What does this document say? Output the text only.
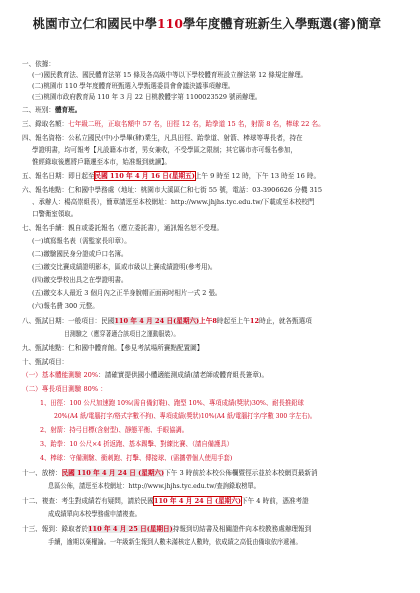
桃園市立仁和國民中學110學年度體育班新生入學甄選(審)簡章
一、依據：
(一)國民教育法、國民體育法第 15 條及各高級中等以下學校體育班設立辦法第 12 條規定辦理。
(二)桃園市 110 學年度體育班甄選入學甄選委員會會議決議事項辦理。
(三)桃園市政府教育局 110 年 3 月 22 日桃教體字第 1100023529 號函辦理。
二、班別：體育班。
三、錄取名額：七年級二班，正取名額中 57 名，田徑 12 名，跆拳道 15 名，射箭 8 名，棒球 22 名。
四、報名資格：公私立國民(中)小學畢(肄)業生，凡具田徑、跆拳道、射箭、棒球等專長者，持在
學證明書，均可報考【凡設籍本市者，男女兼收，不受學區之限制；其它縣市亦可報名參加，
惟經錄取後應將戶籍遷至本市，始准報到就讀】。
五、報名日期：即日起至民國 110 年 4 月 16 日(星期五)上午 9 時至 12 時，下午 13 時至 16 時。
六、報名地點：仁和國中學務處（地址：桃園市大溪區仁和七街 55 號，電話：03-3906626 分機 315
、承辦人：楊高崇組長），簡章請逕至本校網址：http://www.jhjhs.tyc.edu.tw/下載或至本校校門
口警衛室領取。
七、報名手續：親自或委託報名（應立委託書），通訊報名恕不受理。
(一)填寫報名表（需監家長印章）。
(二)繳驗國民身分證或戶口名簿。
(三)繳交比賽成績證明影本，區或市級以上賽成績證明(參考用)。
(四)繳交學校出具之在學證明書。
(五)繳交本人最近 3 個月內之正半身脫帽正面兩吋相片一式 2 張。
(六)報名費 300 元整。
八、甄試日期：一般項目：民國110 年 4 月 24 日(星期六)上午8時起至上午12時止，就各甄選項
目測驗之（應穿著適合該項目之運動服裝）。
九、甄試地點：仁和國中體育館。【參見考試場所賽點配置圖】
十、甄試項目：
（一）基本體能測驗 20%：請確實提供國小體適能測成績(請老師或體育組長簽章)。
（二）專長項目測驗 80% ：
1、田徑：100 公尺加速跑 10%(需自備釘鞋)、跑型 10%、專項成績(獎狀)30%、耐長推鉛球
20%(A4 紙/電腦打字/格式字數不拘)、專項成績(獎狀)10%(A4 紙/電腦打字/字數 300 字左右)。
2、射箭：持弓目標(含射型)、靜態平衡、手眼協調。
3、跆拳：10 公尺×4 折返跑、基本踢擊、對練比賽、（請自備護具）
4、棒球：守備測驗、衝刺跑、打擊、傳接球、(需攜帶個人使用手套)
十一、放榜：民國 110 年 4 月 24 日 (星期六)下午 3 時前於本校公佈欄暨徑示並於本校網頁最新消
息區公佈，請逕至本校網址：http://www.jhjhs.tyc.edu.tw/查詢錄取榜單。
十二、複查：考生對成績若有疑問，請於民國110 年 4 月 24 日 (星期六)下午 4 時前，憑准考證
成成績單向本校學務處申請複查。
十三、報到：錄取者於110 年 4 月 25 日(星期日)持報到切結書及相關證件向本校教務處辦理報到
手續，逾期以棄權論。一年級新生報到人數未滿核定人數時，依成績之高低由備取依序遞補。
